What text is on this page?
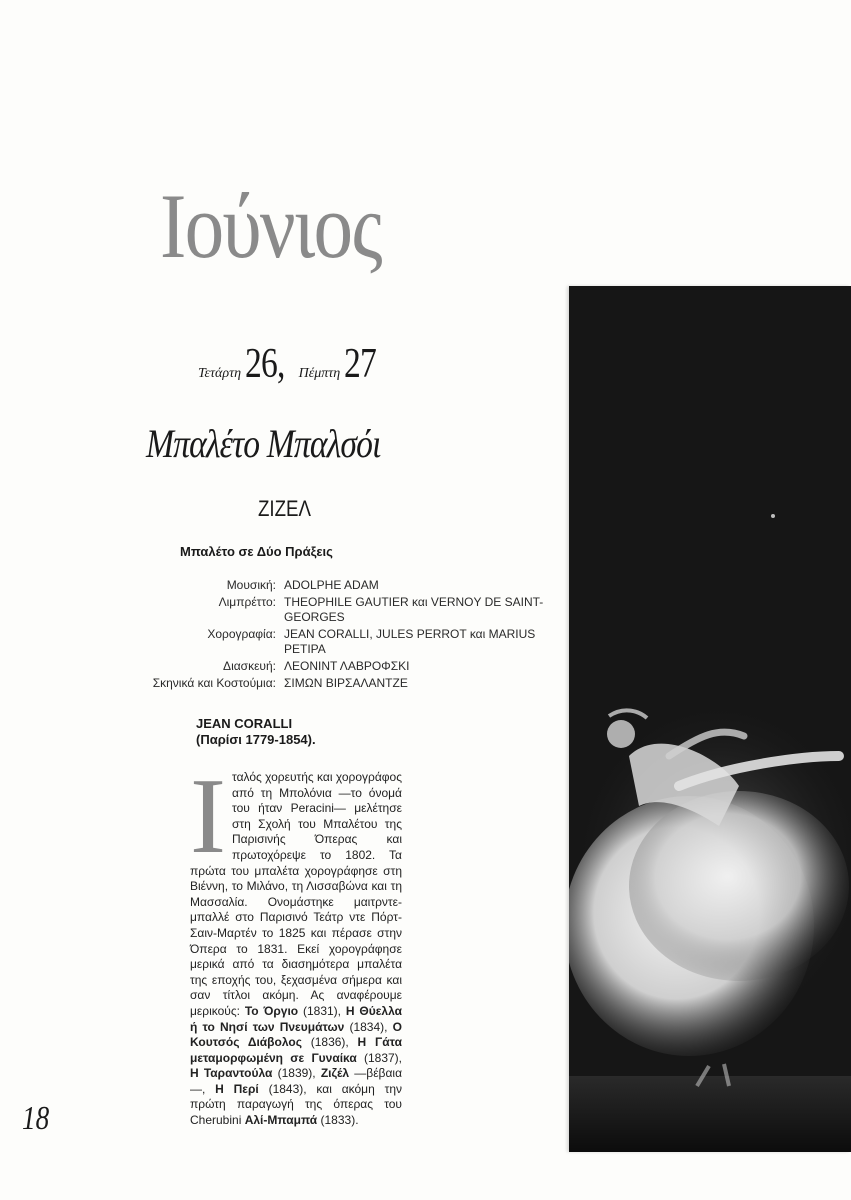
Ιούνιος
Τετάρτη 26, Πέμπτη 27
Μπαλέτο Μπαλσόι
ΖΙΖΕΛ
Μπαλέτο σε Δύο Πράξεις
Μουσική: ADOLPHE ADAM
Λιμπρέττο: THEOPHILE GAUTIER και VERNOY DE SAINT-GEORGES
Χορογραφία: JEAN CORALLI, JULES PERROT και MARIUS PETIPA
Διασκευή: ΛΕΟΝΙΝΤ ΛΑΒΡΟΦΣΚΙ
Σκηνικά και Κοστούμια: ΣΙΜΩΝ ΒΙΡΣΑΛΑΝΤΖΕ
JEAN CORALLI
(Παρίσι 1779-1854).
Ιταλός χορευτής και χορογράφος από τη Μπολόνια —το όνομά του ήταν Peracini— μελέτησε στη Σχολή του Μπαλέτου της Παρισινής Όπερας και πρωτοχόρεψε το 1802. Τα πρώτα του μπαλέτα χορογράφησε στη Βιέννη, το Μιλάνο, τη Λισσαβώνα και τη Μασσαλία. Ονομάστηκε μαιτρντε-μπαλλέ στο Παρισινό Τεάτρ ντε Πόρτ-Σαιν-Μαρτέν το 1825 και πέρασε στην Όπερα το 1831. Εκεί χορογράφησε μερικά από τα διασημότερα μπαλέτα της εποχής του, ξεχασμένα σήμερα και σαν τίτλοι ακόμη. Ας αναφέρουμε μερικούς: Το Όργιο (1831), Η Θύελλα ή το Νησί των Πνευμάτων (1834), Ο Κουτσός Διάβολος (1836), Η Γάτα μεταμορφωμένη σε Γυναίκα (1837), Η Ταραντούλα (1839), Ζιζέλ —βέβαια—, Η Περί (1843), και ακόμη την πρώτη παραγωγή της όπερας του Cherubini Αλί-Μπαμπά (1833).
18
